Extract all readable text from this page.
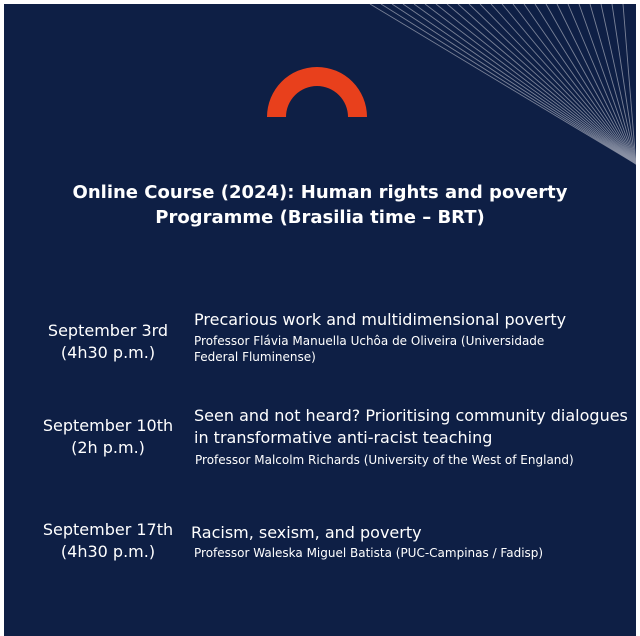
Online Course (2024): Human rights and poverty
Programme (Brasilia time – BRT)
September 3rd
(4h30 p.m.)
Precarious work and multidimensional poverty
Professor Flávia Manuella Uchôa de Oliveira (Universidade
Federal Fluminense)
September 10th
(2h p.m.)
Seen and not heard? Prioritising community dialogues
in transformative anti-racist teaching
Professor Malcolm Richards (University of the West of England)
September 17th
(4h30 p.m.)
Racism, sexism, and poverty
Professor Waleska Miguel Batista (PUC-Campinas / Fadisp)
